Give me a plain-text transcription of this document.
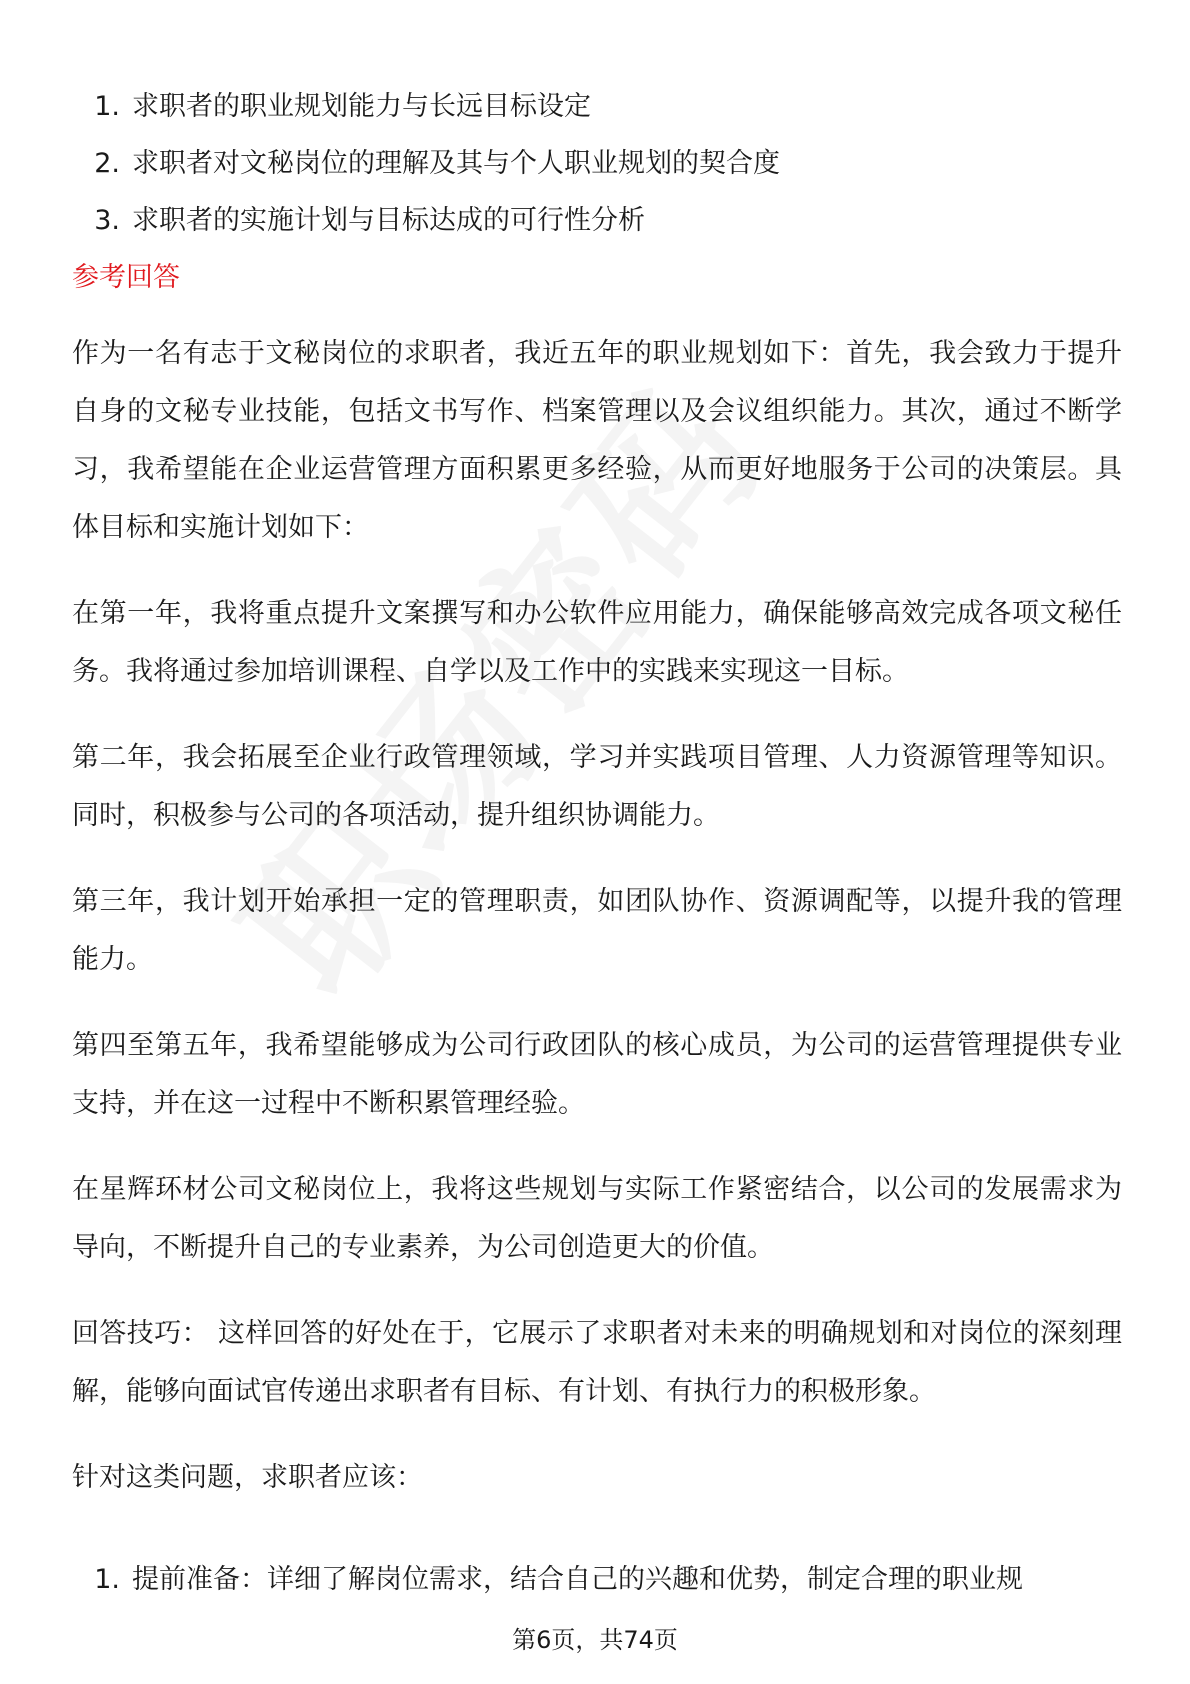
1. 求职者的职业规划能力与长远目标设定
2. 求职者对文秘岗位的理解及其与个人职业规划的契合度
3. 求职者的实施计划与目标达成的可行性分析
参考回答

作为一名有志于文秘岗位的求职者，我近五年的职业规划如下：首先，我会致力于提升自身的文秘专业技能，包括文书写作、档案管理以及会议组织能力。其次，通过不断学习，我希望能在企业运营管理方面积累更多经验，从而更好地服务于公司的决策层。具体目标和实施计划如下：

在第一年，我将重点提升文案撰写和办公软件应用能力，确保能够高效完成各项文秘任务。我将通过参加培训课程、自学以及工作中的实践来实现这一目标。

第二年，我会拓展至企业行政管理领域，学习并实践项目管理、人力资源管理等知识。同时，积极参与公司的各项活动，提升组织协调能力。

第三年，我计划开始承担一定的管理职责，如团队协作、资源调配等，以提升我的管理能力。

第四至第五年，我希望能够成为公司行政团队的核心成员，为公司的运营管理提供专业支持，并在这一过程中不断积累管理经验。

在星辉环材公司文秘岗位上，我将这些规划与实际工作紧密结合，以公司的发展需求为导向，不断提升自己的专业素养，为公司创造更大的价值。

回答技巧： 这样回答的好处在于，它展示了求职者对未来的明确规划和对岗位的深刻理解，能够向面试官传递出求职者有目标、有计划、有执行力的积极形象。

针对这类问题，求职者应该：

1. 提前准备：详细了解岗位需求，结合自己的兴趣和优势，制定合理的职业规
第6页，共74页
